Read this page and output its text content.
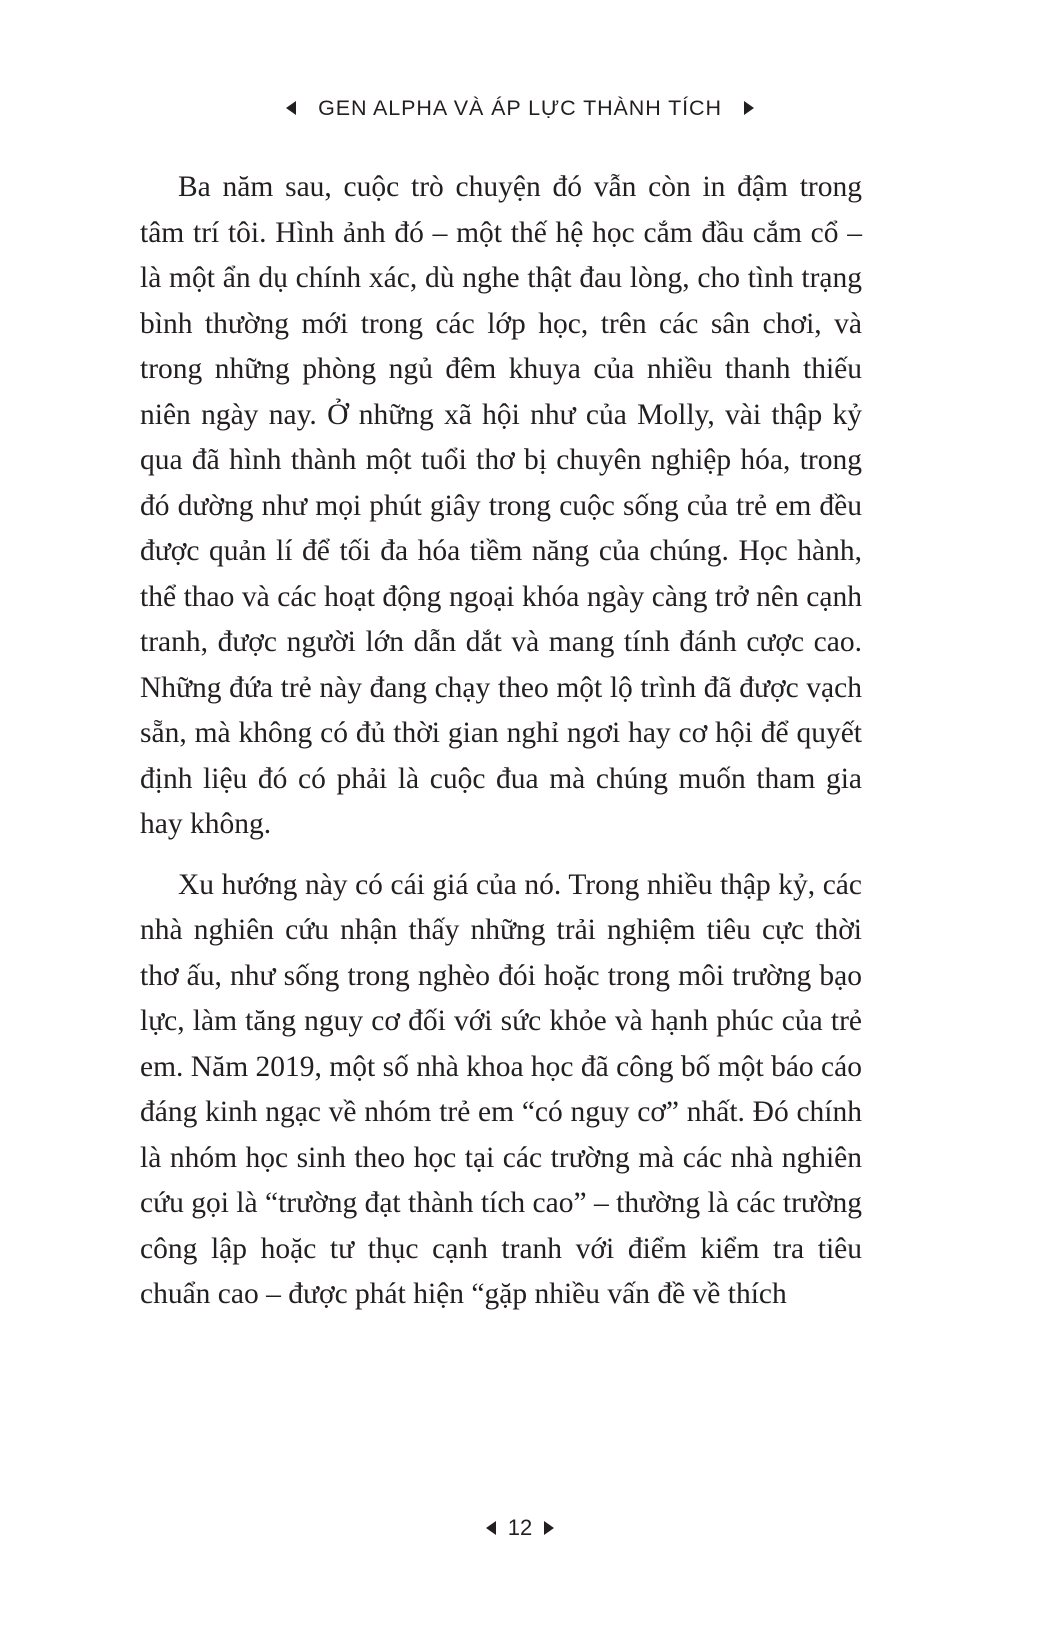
GEN ALPHA VÀ ÁP LỰC THÀNH TÍCH

Ba năm sau, cuộc trò chuyện đó vẫn còn in đậm trong tâm trí tôi. Hình ảnh đó – một thế hệ học cắm đầu cắm cổ – là một ẩn dụ chính xác, dù nghe thật đau lòng, cho tình trạng bình thường mới trong các lớp học, trên các sân chơi, và trong những phòng ngủ đêm khuya của nhiều thanh thiếu niên ngày nay. Ở những xã hội như của Molly, vài thập kỷ qua đã hình thành một tuổi thơ bị chuyên nghiệp hóa, trong đó dường như mọi phút giây trong cuộc sống của trẻ em đều được quản lí để tối đa hóa tiềm năng của chúng. Học hành, thể thao và các hoạt động ngoại khóa ngày càng trở nên cạnh tranh, được người lớn dẫn dắt và mang tính đánh cược cao. Những đứa trẻ này đang chạy theo một lộ trình đã được vạch sẵn, mà không có đủ thời gian nghỉ ngơi hay cơ hội để quyết định liệu đó có phải là cuộc đua mà chúng muốn tham gia hay không.

Xu hướng này có cái giá của nó. Trong nhiều thập kỷ, các nhà nghiên cứu nhận thấy những trải nghiệm tiêu cực thời thơ ấu, như sống trong nghèo đói hoặc trong môi trường bạo lực, làm tăng nguy cơ đối với sức khỏe và hạnh phúc của trẻ em. Năm 2019, một số nhà khoa học đã công bố một báo cáo đáng kinh ngạc về nhóm trẻ em “có nguy cơ” nhất. Đó chính là nhóm học sinh theo học tại các trường mà các nhà nghiên cứu gọi là “trường đạt thành tích cao” – thường là các trường công lập hoặc tư thục cạnh tranh với điểm kiểm tra tiêu chuẩn cao – được phát hiện “gặp nhiều vấn đề về thích

12
